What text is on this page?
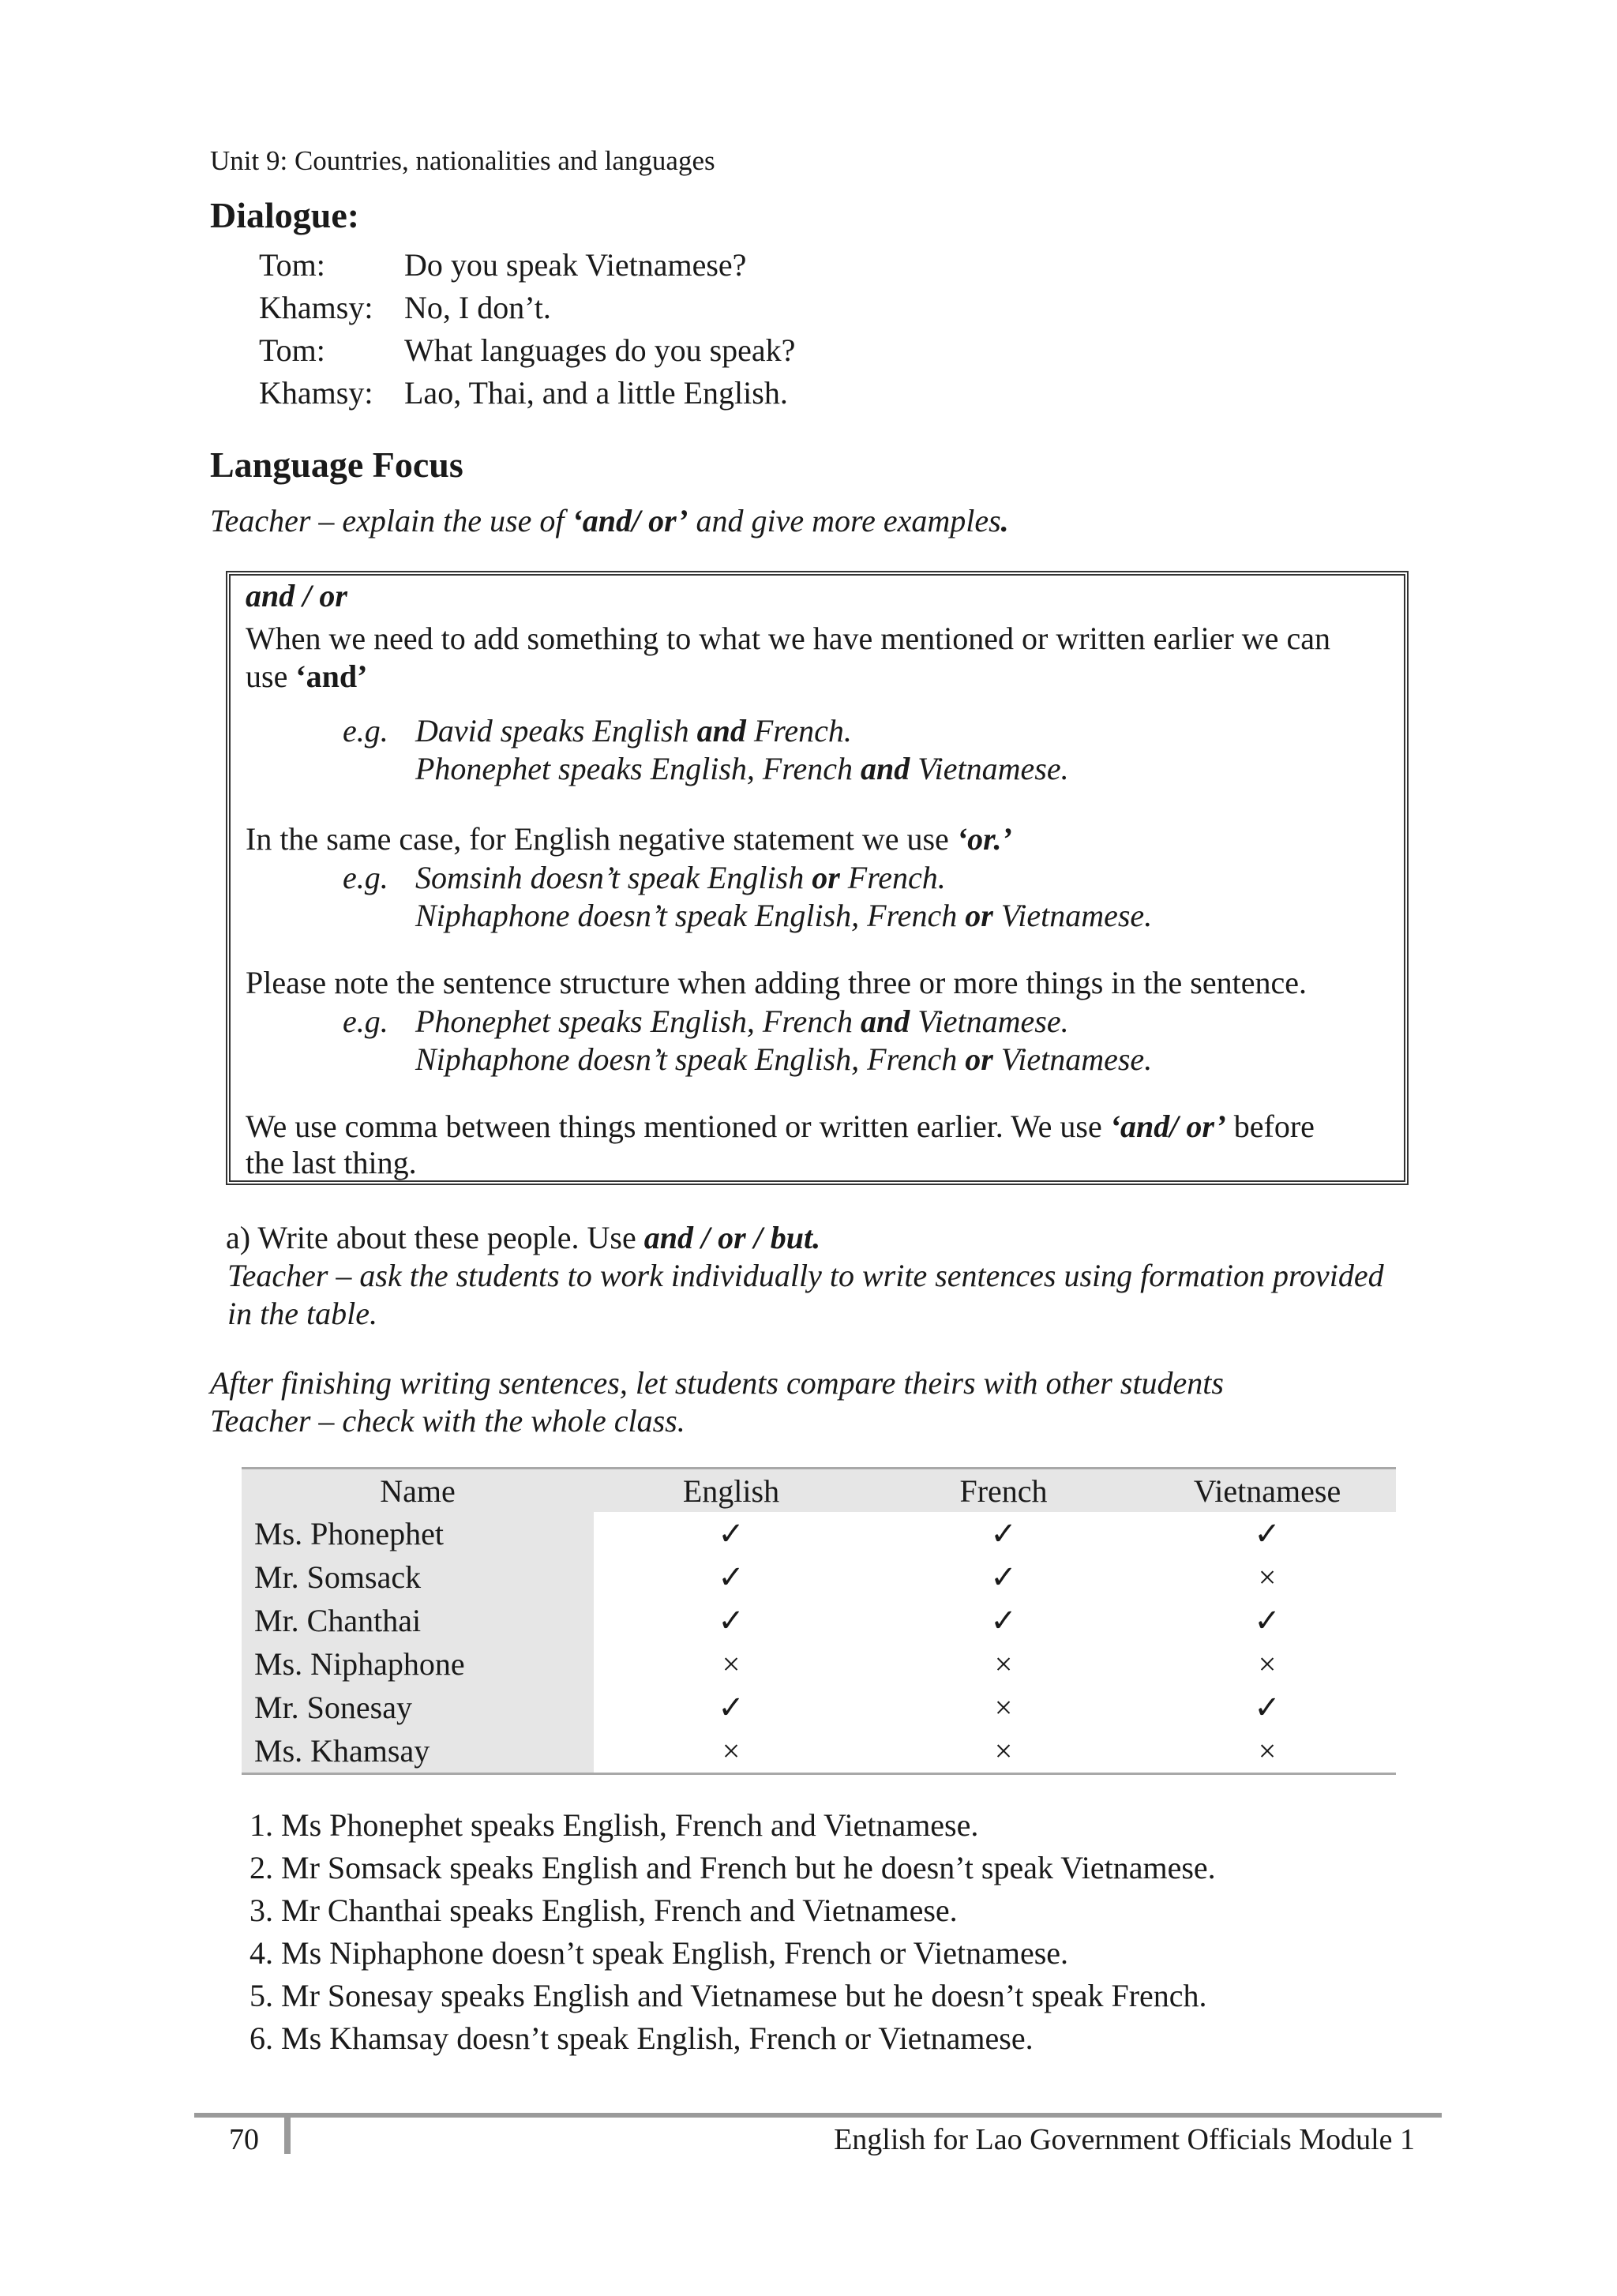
Unit 9: Countries, nationalities and languages
Dialogue:
Tom:	Do you speak Vietnamese?
Khamsy: No, I don’t.
Tom:	What languages do you speak?
Khamsy: Lao, Thai, and a little English.
Language Focus
Teacher – explain the use of ‘and/ or’ and give more examples.
and / or
When we need to add something to what we have mentioned or written earlier we can
use ‘and’
e.g. David speaks English and French.
Phonephet speaks English, French and Vietnamese.
In the same case, for English negative statement we use ‘or.’
e.g. Somsinh doesn’t speak English or French.
Niphaphone doesn’t speak English, French or Vietnamese.
Please note the sentence structure when adding three or more things in the sentence.
e.g. Phonephet speaks English, French and Vietnamese.
Niphaphone doesn’t speak English, French or Vietnamese.
We use comma between things mentioned or written earlier. We use ‘and/ or’ before
the last thing.
a) Write about these people. Use and / or / but.
Teacher – ask the students to work individually to write sentences using formation provided
in the table.
After finishing writing sentences, let students compare theirs with other students
Teacher – check with the whole class.
Name	English	French	Vietnamese
Ms. Phonephet	✓	✓	✓
Mr. Somsack	✓	✓	×
Mr. Chanthai	✓	✓	✓
Ms. Niphaphone	×	×	×
Mr. Sonesay	✓	×	✓
Ms. Khamsay	×	×	×
1. Ms Phonephet speaks English, French and Vietnamese.
2. Mr Somsack speaks English and French but he doesn’t speak Vietnamese.
3. Mr Chanthai speaks English, French and Vietnamese.
4. Ms Niphaphone doesn’t speak English, French or Vietnamese.
5. Mr Sonesay speaks English and Vietnamese but he doesn’t speak French.
6. Ms Khamsay doesn’t speak English, French or Vietnamese.
70	English for Lao Government Officials Module 1
